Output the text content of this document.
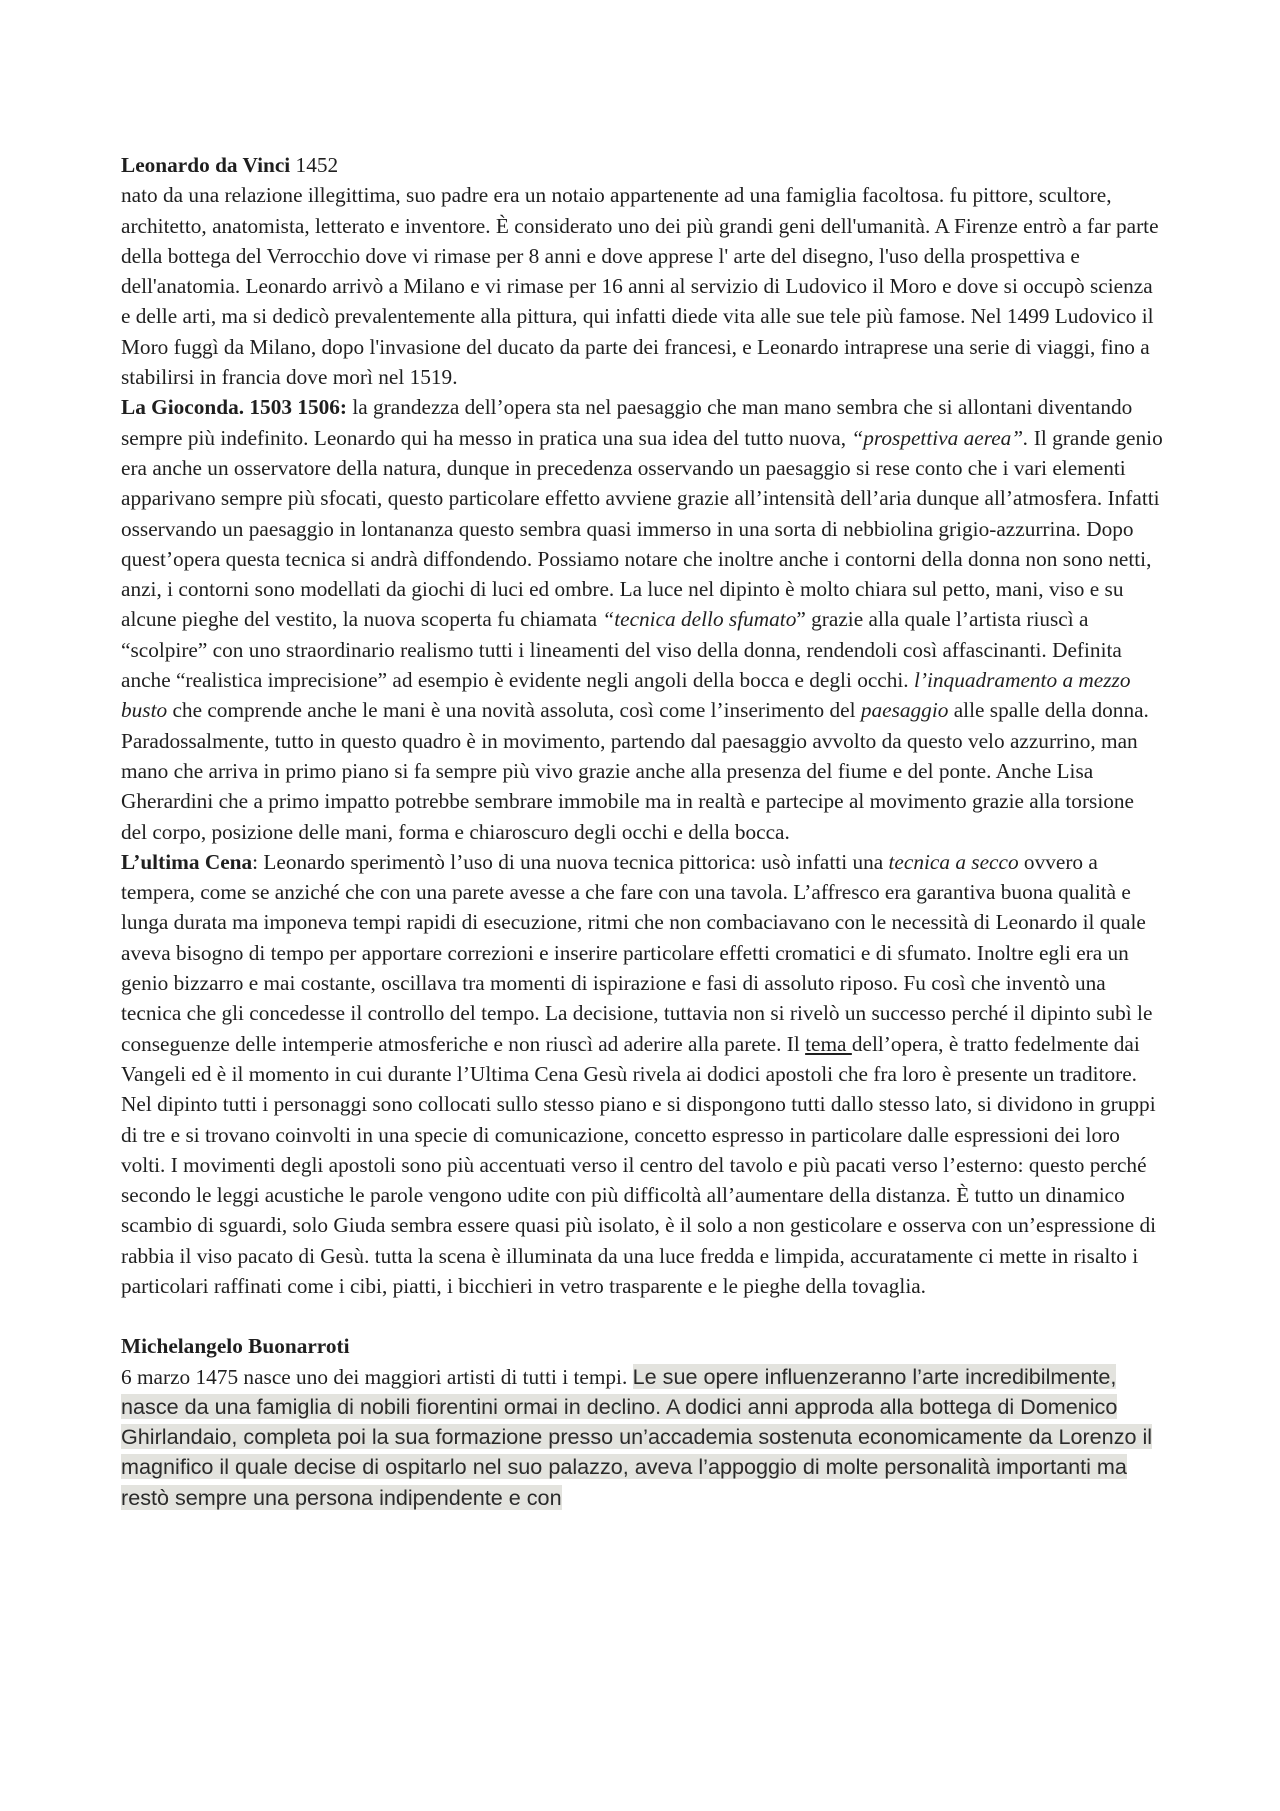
Leonardo da Vinci 1452
nato da una relazione illegittima, suo padre era un notaio appartenente ad una famiglia facoltosa. fu pittore, scultore, architetto, anatomista, letterato e inventore. È considerato uno dei più grandi geni dell'umanità. A Firenze entrò a far parte della bottega del Verrocchio dove vi rimase per 8 anni e dove apprese l' arte del disegno, l'uso della prospettiva e dell'anatomia. Leonardo arrivò a Milano e vi rimase per 16 anni al servizio di Ludovico il Moro e dove si occupò scienza e delle arti, ma si dedicò prevalentemente alla pittura, qui infatti diede vita alle sue tele più famose. Nel 1499 Ludovico il Moro fuggì da Milano, dopo l'invasione del ducato da parte dei francesi, e Leonardo intraprese una serie di viaggi, fino a stabilirsi in francia dove morì nel 1519.

La Gioconda. 1503 1506: la grandezza dell’opera sta nel paesaggio che man mano sembra che si allontani diventando sempre più indefinito. Leonardo qui ha messo in pratica una sua idea del tutto nuova, “prospettiva aerea”. Il grande genio era anche un osservatore della natura, dunque in precedenza osservando un paesaggio si rese conto che i vari elementi apparivano sempre più sfocati, questo particolare effetto avviene grazie all’intensità dell’aria dunque all’atmosfera. Infatti osservando un paesaggio in lontananza questo sembra quasi immerso in una sorta di nebbiolina grigio-azzurrina. Dopo quest’opera questa tecnica si andrà diffondendo. Possiamo notare che inoltre anche i contorni della donna non sono netti, anzi, i contorni sono modellati da giochi di luci ed ombre. La luce nel dipinto è molto chiara sul petto, mani, viso e su alcune pieghe del vestito, la nuova scoperta fu chiamata “tecnica dello sfumato” grazie alla quale l’artista riuscì a “scolpire” con uno straordinario realismo tutti i lineamenti del viso della donna, rendendoli così affascinanti. Definita anche “realistica imprecisione” ad esempio è evidente negli angoli della bocca e degli occhi. l’inquadramento a mezzo busto che comprende anche le mani è una novità assoluta, così come l’inserimento del paesaggio alle spalle della donna. Paradossalmente, tutto in questo quadro è in movimento, partendo dal paesaggio avvolto da questo velo azzurrino, man mano che arriva in primo piano si fa sempre più vivo grazie anche alla presenza del fiume e del ponte. Anche Lisa Gherardini che a primo impatto potrebbe sembrare immobile ma in realtà e partecipe al movimento grazie alla torsione del corpo, posizione delle mani, forma e chiaroscuro degli occhi e della bocca.

L’ultima Cena: Leonardo sperimentò l’uso di una nuova tecnica pittorica: usò infatti una tecnica a secco ovvero a tempera, come se anziché che con una parete avesse a che fare con una tavola. L’affresco era garantiva buona qualità e lunga durata ma imponeva tempi rapidi di esecuzione, ritmi che non combaciavano con le necessità di Leonardo il quale aveva bisogno di tempo per apportare correzioni e inserire particolare effetti cromatici e di sfumato. Inoltre egli era un genio bizzarro e mai costante, oscillava tra momenti di ispirazione e fasi di assoluto riposo. Fu così che inventò una tecnica che gli concedesse il controllo del tempo. La decisione, tuttavia non si rivelò un successo perché il dipinto subì le conseguenze delle intemperie atmosferiche e non riuscì ad aderire alla parete. Il tema dell’opera, è tratto fedelmente dai Vangeli ed è il momento in cui durante l’Ultima Cena Gesù rivela ai dodici apostoli che fra loro è presente un traditore. Nel dipinto tutti i personaggi sono collocati sullo stesso piano e si dispongono tutti dallo stesso lato, si dividono in gruppi di tre e si trovano coinvolti in una specie di comunicazione, concetto espresso in particolare dalle espressioni dei loro volti. I movimenti degli apostoli sono più accentuati verso il centro del tavolo e più pacati verso l’esterno: questo perché secondo le leggi acustiche le parole vengono udite con più difficoltà all’aumentare della distanza. È tutto un dinamico scambio di sguardi, solo Giuda sembra essere quasi più isolato, è il solo a non gesticolare e osserva con un’espressione di rabbia il viso pacato di Gesù. tutta la scena è illuminata da una luce fredda e limpida, accuratamente ci mette in risalto i particolari raffinati come i cibi, piatti, i bicchieri in vetro trasparente e le pieghe della tovaglia.

Michelangelo Buonarroti
6 marzo 1475 nasce uno dei maggiori artisti di tutti i tempi. Le sue opere influenzeranno l’arte incredibilmente, nasce da una famiglia di nobili fiorentini ormai in declino. A dodici anni approda alla bottega di Domenico Ghirlandaio, completa poi la sua formazione presso un’accademia sostenuta economicamente da Lorenzo il magnifico il quale decise di ospitarlo nel suo palazzo, aveva l’appoggio di molte personalità importanti ma restò sempre una persona indipendente e con
